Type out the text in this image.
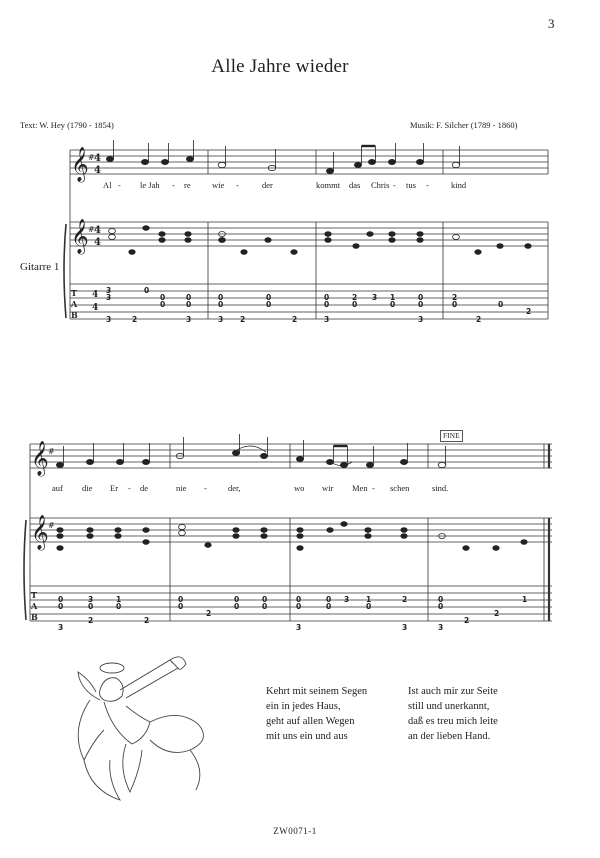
3
Alle Jahre wieder
Text: W. Hey (1790 - 1854)	Musik: F. Silcher (1789 - 1860)
Gitarre 1
𝄞
𝄞
𝄞
𝄞
#
#
#
#
4
4
4
4
T
A
B
4
4
T
A
B
3
3
3	2
0
0
0
0
0
3
0
0
3 2
0
0
2
0
0
3
2
0
3 1
0
0
0
3
2
0
2
0
2
0
0
3
3
0
2
1
0
2
0
0
2
0
0
0
0
0
0
3
0
0
3 1
0
2
3
0
0
3
2
2
1
Al - le Jah - re	wie -	der	kommt das Chris - tus -	kind
FINE
auf die Er - de	nie - der,	wo wir Men - schen	sind.
Kehrt mit seinem Segen
ein in jedes Haus,
geht auf allen Wegen
mit uns ein und aus
Ist auch mir zur Seite
still und unerkannt,
daß es treu mich leite
an der lieben Hand.
ZW0071-1
